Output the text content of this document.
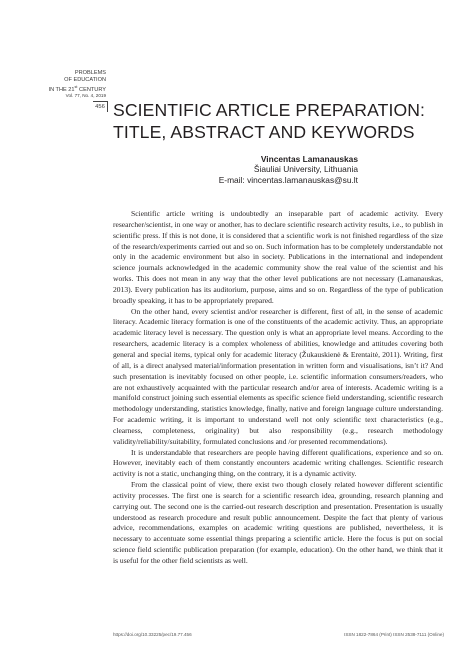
PROBLEMS
OF EDUCATION
IN THE 21st CENTURY
Vol. 77, No. 4, 2019
456 SCIENTIFIC ARTICLE PREPARATION:
TITLE, ABSTRACT AND KEYWORDS
Vincentas Lamanauskas
Šiauliai University, Lithuania
E-mail: vincentas.lamanauskas@su.lt

Scientific article writing is undoubtedly an inseparable part of academic activity. Every researcher/scientist, in one way or another, has to declare scientific research activity results, i.e., to publish in scientific press. If this is not done, it is considered that a scientific work is not finished regardless of the size of the research/experiments carried out and so on. Such information has to be completely understandable not only in the academic environment but also in society. Publications in the international and independent science journals acknowledged in the academic community show the real value of the scientist and his works. This does not mean in any way that the other level publications are not necessary (Lamanauskas, 2013). Every publication has its auditorium, purpose, aims and so on. Regardless of the type of publication broadly speaking, it has to be appropriately prepared.

On the other hand, every scientist and/or researcher is different, first of all, in the sense of academic literacy. Academic literacy formation is one of the constituents of the academic activity. Thus, an appropriate academic literacy level is necessary. The question only is what an appropriate level means. According to the researchers, academic literacy is a complex wholeness of abilities, knowledge and attitudes covering both general and special items, typical only for academic literacy (Žukauskienė & Erentaitė, 2011). Writing, first of all, is a direct analysed material/information presentation in written form and visualisations, isn’t it? And such presentation is inevitably focused on other people, i.e. scientific information consumers/readers, who are not exhaustively acquainted with the particular research and/or area of interests. Academic writing is a manifold construct joining such essential elements as specific science field understanding, scientific research methodology understanding, statistics knowledge, finally, native and foreign language culture understanding. For academic writing, it is important to understand well not only scientific text characteristics (e.g., clearness, completeness, originality) but also responsibility (e.g., research methodology validity/reliability/suitability, formulated conclusions and /or presented recommendations).

It is understandable that researchers are people having different qualifications, experience and so on. However, inevitably each of them constantly encounters academic writing challenges. Scientific research activity is not a static, unchanging thing, on the contrary, it is a dynamic activity.

From the classical point of view, there exist two though closely related however different scientific activity processes. The first one is search for a scientific research idea, grounding, research planning and carrying out. The second one is the carried-out research description and presentation. Presentation is usually understood as research procedure and result public announcement. Despite the fact that plenty of various advice, recommendations, examples on academic writing questions are published, nevertheless, it is necessary to accentuate some essential things preparing a scientific article. Here the focus is put on social science field scientific publication preparation (for example, education). On the other hand, we think that it is useful for the other field scientists as well.

https://doi.org/10.33225/pec/19.77.456	ISSN 1822-7864 (Print) ISSN 2538-7111 (Online)
